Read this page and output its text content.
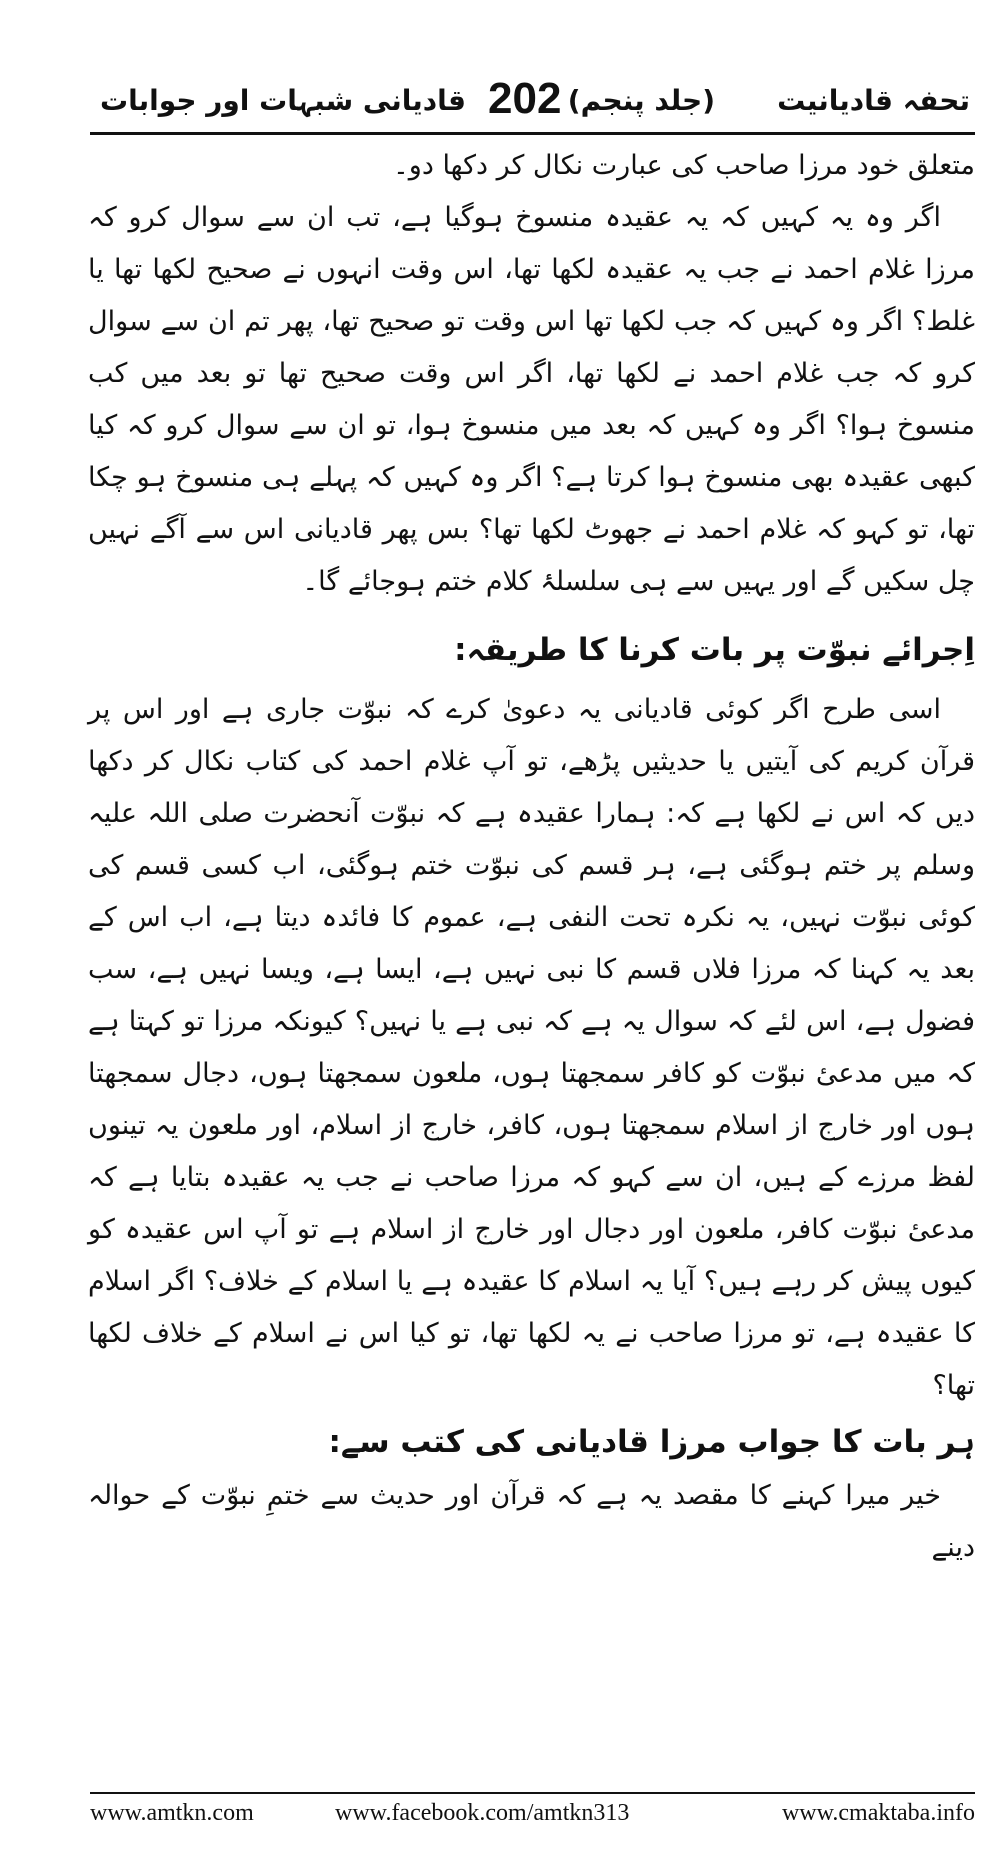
تحفہ قادیانیت
(جلد پنجم)
202
قادیانی شبہات اور جوابات

متعلق خود مرزا صاحب کی عبارت نکال کر دکھا دو۔

اگر وہ یہ کہیں کہ یہ عقیدہ منسوخ ہوگیا ہے، تب ان سے سوال کرو کہ مرزا غلام احمد نے جب یہ عقیدہ لکھا تھا، اس وقت انہوں نے صحیح لکھا تھا یا غلط؟ اگر وہ کہیں کہ جب لکھا تھا اس وقت تو صحیح تھا، پھر تم ان سے سوال کرو کہ جب غلام احمد نے لکھا تھا، اگر اس وقت صحیح تھا تو بعد میں کب منسوخ ہوا؟ اگر وہ کہیں کہ بعد میں منسوخ ہوا، تو ان سے سوال کرو کہ کیا کبھی عقیدہ بھی منسوخ ہوا کرتا ہے؟ اگر وہ کہیں کہ پہلے ہی منسوخ ہو چکا تھا، تو کہو کہ غلام احمد نے جھوٹ لکھا تھا؟ بس پھر قادیانی اس سے آگے نہیں چل سکیں گے اور یہیں سے ہی سلسلۂ کلام ختم ہوجائے گا۔

اِجرائے نبوّت پر بات کرنا کا طریقہ:

اسی طرح اگر کوئی قادیانی یہ دعویٰ کرے کہ نبوّت جاری ہے اور اس پر قرآن کریم کی آیتیں یا حدیثیں پڑھے، تو آپ غلام احمد کی کتاب نکال کر دکھا دیں کہ اس نے لکھا ہے کہ: ہمارا عقیدہ ہے کہ نبوّت آنحضرت صلی اللہ علیہ وسلم پر ختم ہوگئی ہے، ہر قسم کی نبوّت ختم ہوگئی، اب کسی قسم کی کوئی نبوّت نہیں، یہ نکرہ تحت النفی ہے، عموم کا فائدہ دیتا ہے، اب اس کے بعد یہ کہنا کہ مرزا فلاں قسم کا نبی نہیں ہے، ایسا ہے، ویسا نہیں ہے، سب فضول ہے، اس لئے کہ سوال یہ ہے کہ نبی ہے یا نہیں؟ کیونکہ مرزا تو کہتا ہے کہ میں مدعیٔ نبوّت کو کافر سمجھتا ہوں، ملعون سمجھتا ہوں، دجال سمجھتا ہوں اور خارج از اسلام سمجھتا ہوں، کافر، خارج از اسلام، اور ملعون یہ تینوں لفظ مرزے کے ہیں، ان سے کہو کہ مرزا صاحب نے جب یہ عقیدہ بتایا ہے کہ مدعیٔ نبوّت کافر، ملعون اور دجال اور خارج از اسلام ہے تو آپ اس عقیدہ کو کیوں پیش کر رہے ہیں؟ آیا یہ اسلام کا عقیدہ ہے یا اسلام کے خلاف؟ اگر اسلام کا عقیدہ ہے، تو مرزا صاحب نے یہ لکھا تھا، تو کیا اس نے اسلام کے خلاف لکھا تھا؟

ہر بات کا جواب مرزا قادیانی کی کتب سے:

خیر میرا کہنے کا مقصد یہ ہے کہ قرآن اور حدیث سے ختمِ نبوّت کے حوالہ دینے

www.amtkn.com	www.facebook.com/amtkn313	www.cmaktaba.info
